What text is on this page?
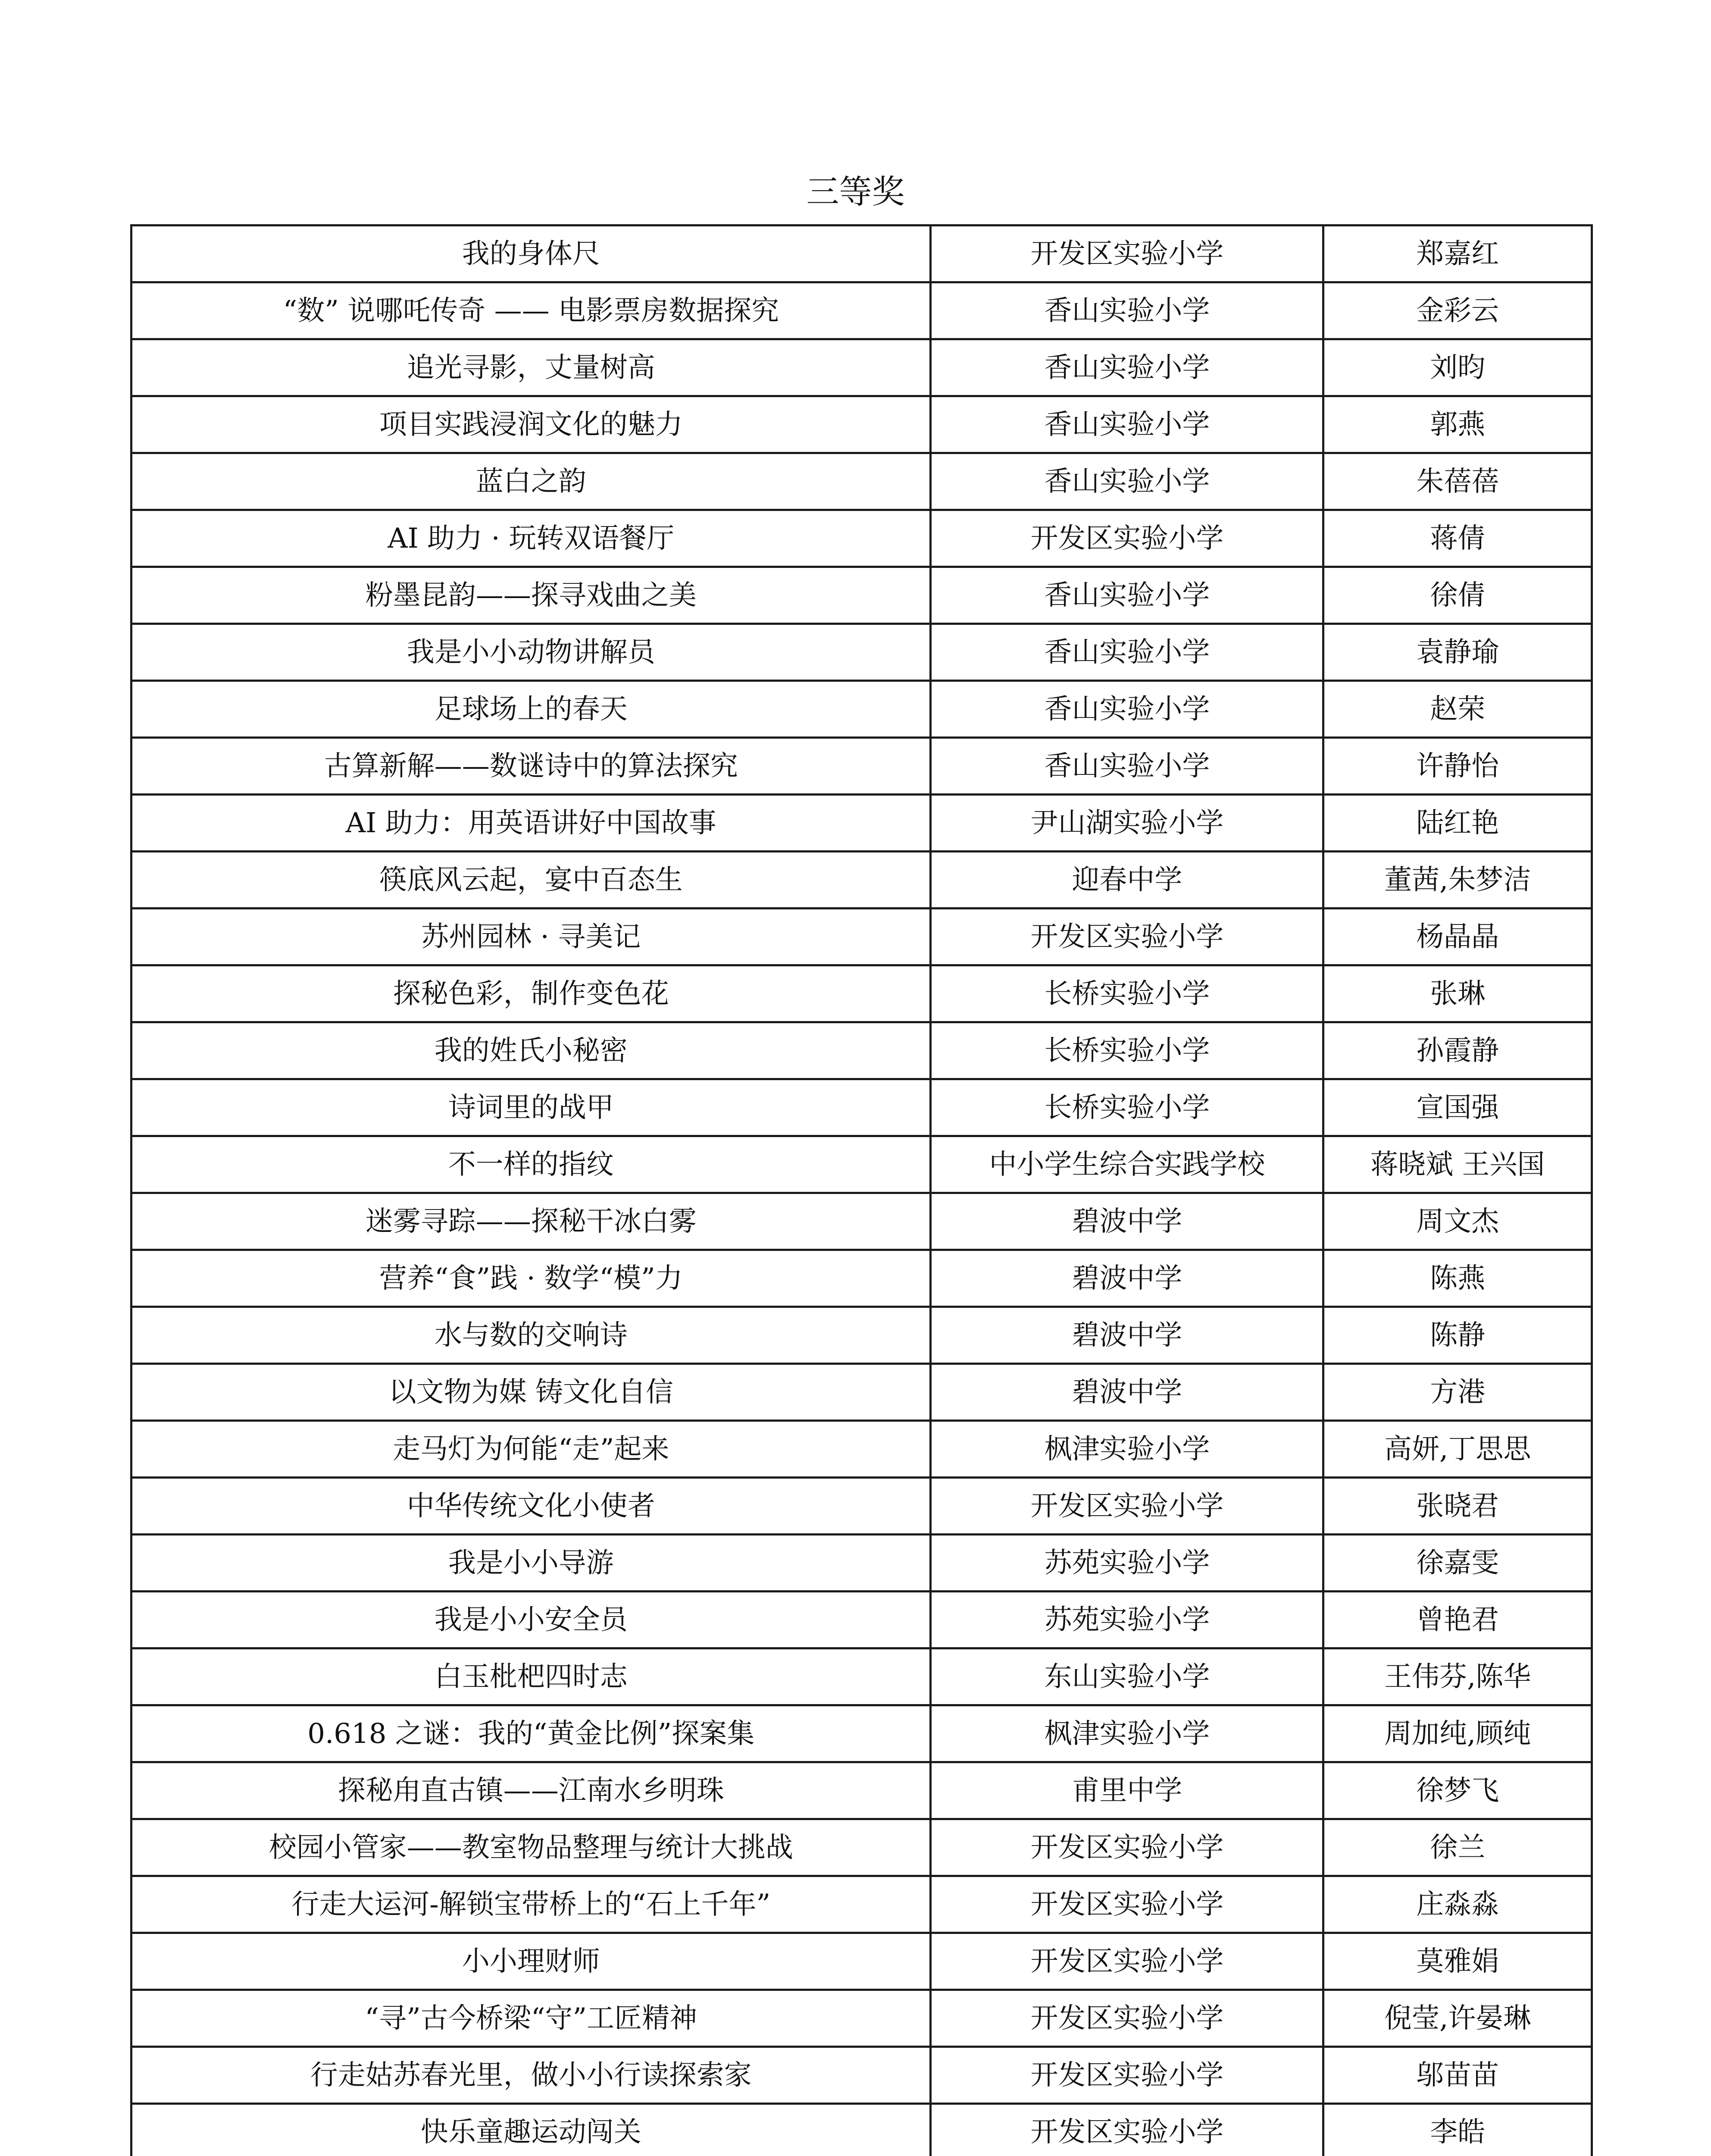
三等奖
我的身体尺	开发区实验小学	郑嘉红
“数” 说哪吒传奇 —— 电影票房数据探究	香山实验小学	金彩云
追光寻影，丈量树高	香山实验小学	刘昀
项目实践浸润文化的魅力	香山实验小学	郭燕
蓝白之韵	香山实验小学	朱蓓蓓
AI 助力 · 玩转双语餐厅	开发区实验小学	蒋倩
粉墨昆韵——探寻戏曲之美	香山实验小学	徐倩
我是小小动物讲解员	香山实验小学	袁静瑜
足球场上的春天	香山实验小学	赵荣
古算新解——数谜诗中的算法探究	香山实验小学	许静怡
AI 助力：用英语讲好中国故事	尹山湖实验小学	陆红艳
筷底风云起，宴中百态生	迎春中学	董茜,朱梦洁
苏州园林 · 寻美记	开发区实验小学	杨晶晶
探秘色彩，制作变色花	长桥实验小学	张琳
我的姓氏小秘密	长桥实验小学	孙霞静
诗词里的战甲	长桥实验小学	宣国强
不一样的指纹	中小学生综合实践学校	蒋晓斌 王兴国
迷雾寻踪——探秘干冰白雾	碧波中学	周文杰
营养“食”践 · 数学“模”力	碧波中学	陈燕
水与数的交响诗	碧波中学	陈静
以文物为媒 铸文化自信	碧波中学	方港
走马灯为何能“走”起来	枫津实验小学	高妍,丁思思
中华传统文化小使者	开发区实验小学	张晓君
我是小小导游	苏苑实验小学	徐嘉雯
我是小小安全员	苏苑实验小学	曾艳君
白玉枇杷四时志	东山实验小学	王伟芬,陈华
0.618 之谜：我的“黄金比例”探案集	枫津实验小学	周加纯,顾纯
探秘甪直古镇——江南水乡明珠	甫里中学	徐梦飞
校园小管家——教室物品整理与统计大挑战	开发区实验小学	徐兰
行走大运河-解锁宝带桥上的“石上千年”	开发区实验小学	庄淼淼
小小理财师	开发区实验小学	莫雅娟
“寻”古今桥梁“守”工匠精神	开发区实验小学	倪莹,许晏琳
行走姑苏春光里，做小小行读探索家	开发区实验小学	邬苗苗
快乐童趣运动闯关	开发区实验小学	李皓
